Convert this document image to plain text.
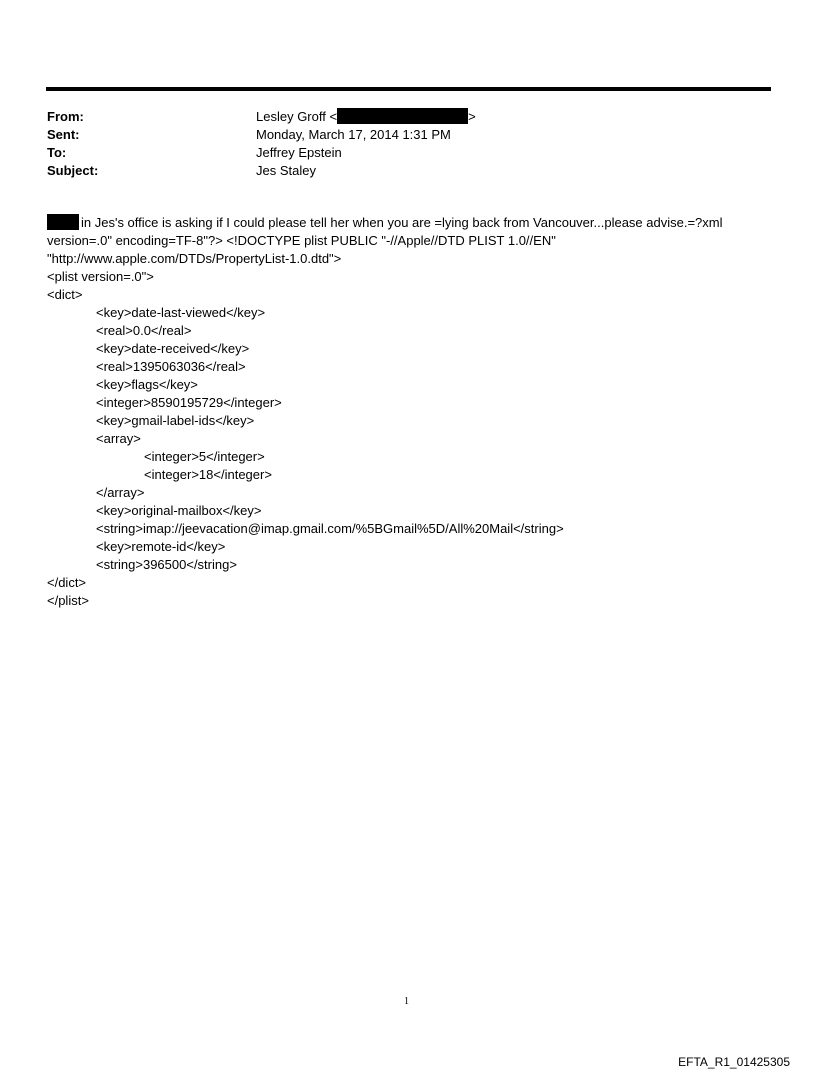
From:	Lesley Groff <	>
Sent:	Monday, March 17, 2014 1:31 PM
To:	Jeffrey Epstein
Subject:	Jes Staley
in Jes's office is asking if I could please tell her when you are =lying back from Vancouver...please advise.=?xml
version=.0" encoding=TF-8"?> <!DOCTYPE plist PUBLIC "-//Apple//DTD PLIST 1.0//EN"
"http://www.apple.com/DTDs/PropertyList-1.0.dtd">
<plist version=.0">
<dict>
<key>date-last-viewed</key>
<real>0.0</real>
<key>date-received</key>
<real>1395063036</real>
<key>flags</key>
<integer>8590195729</integer>
<key>gmail-label-ids</key>
<array>
<integer>5</integer>
<integer>18</integer>
</array>
<key>original-mailbox</key>
<string>imap://jeevacation@imap.gmail.com/%5BGmail%5D/All%20Mail</string>
<key>remote-id</key>
<string>396500</string>
</dict>
</plist>
1
EFTA_R1_01425305
